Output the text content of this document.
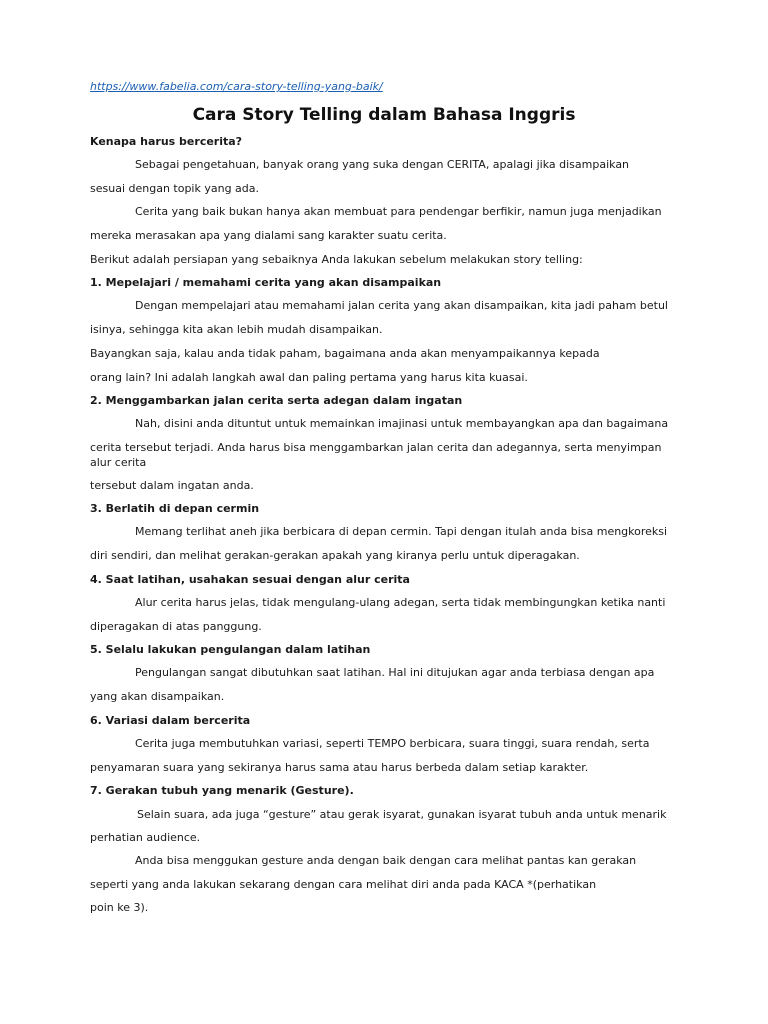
https://www.fabelia.com/cara-story-telling-yang-baik/
Cara Story Telling dalam Bahasa Inggris
Kenapa harus bercerita?
Sebagai pengetahuan, banyak orang yang suka dengan CERITA, apalagi jika disampaikan
sesuai dengan topik yang ada.
Cerita yang baik bukan hanya akan membuat para pendengar berfikir, namun juga menjadikan
mereka merasakan apa yang dialami sang karakter suatu cerita.
Berikut adalah persiapan yang sebaiknya Anda lakukan sebelum melakukan story telling:
1. Mepelajari / memahami cerita yang akan disampaikan
Dengan mempelajari atau memahami jalan cerita yang akan disampaikan, kita jadi paham betul
isinya, sehingga kita akan lebih mudah disampaikan.
Bayangkan saja, kalau anda tidak paham, bagaimana anda akan menyampaikannya kepada
orang lain? Ini adalah langkah awal dan paling pertama yang harus kita kuasai.
2. Menggambarkan jalan cerita serta adegan dalam ingatan
Nah, disini anda dituntut untuk memainkan imajinasi untuk membayangkan apa dan bagaimana
cerita tersebut terjadi. Anda harus bisa menggambarkan jalan cerita dan adegannya, serta menyimpan
alur cerita
tersebut dalam ingatan anda.
3. Berlatih di depan cermin
Memang terlihat aneh jika berbicara di depan cermin. Tapi dengan itulah anda bisa mengkoreksi
diri sendiri, dan melihat gerakan-gerakan apakah yang kiranya perlu untuk diperagakan.
4. Saat latihan, usahakan sesuai dengan alur cerita
Alur cerita harus jelas, tidak mengulang-ulang adegan, serta tidak membingungkan ketika nanti
diperagakan di atas panggung.
5. Selalu lakukan pengulangan dalam latihan
Pengulangan sangat dibutuhkan saat latihan. Hal ini ditujukan agar anda terbiasa dengan apa
yang akan disampaikan.
6. Variasi dalam bercerita
Cerita juga membutuhkan variasi, seperti TEMPO berbicara, suara tinggi, suara rendah, serta
penyamaran suara yang sekiranya harus sama atau harus berbeda dalam setiap karakter.
7. Gerakan tubuh yang menarik (Gesture).
Selain suara, ada juga “gesture” atau gerak isyarat, gunakan isyarat tubuh anda untuk menarik
perhatian audience.
Anda bisa menggukan gesture anda dengan baik dengan cara melihat pantas kan gerakan
seperti yang anda lakukan sekarang dengan cara melihat diri anda pada KACA *(perhatikan
poin ke 3).
